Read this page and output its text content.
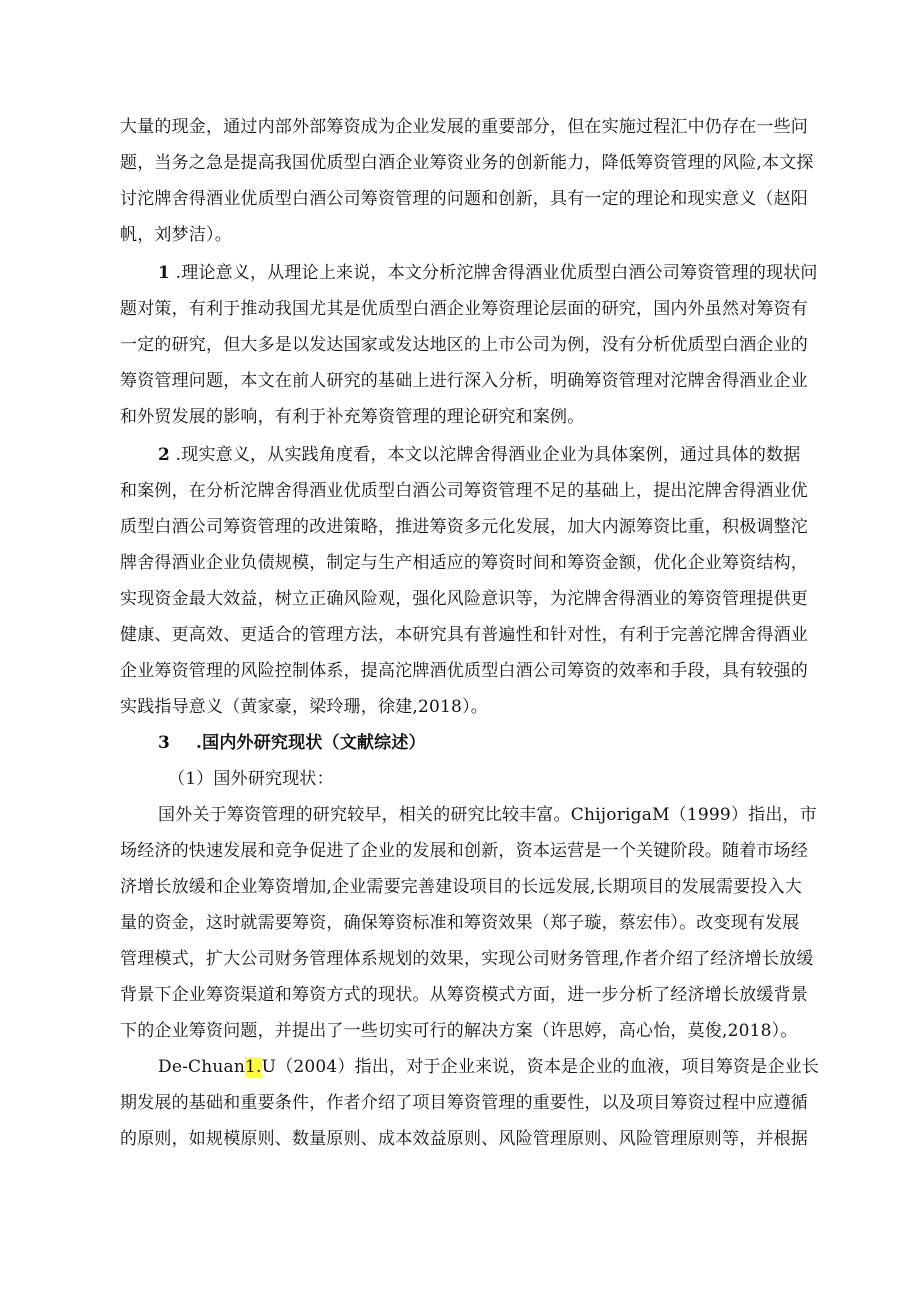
大量的现金，通过内部外部筹资成为企业发展的重要部分，但在实施过程汇中仍存在一些问
题，当务之急是提高我国优质型白酒企业筹资业务的创新能力，降低筹资管理的风险,本文探
讨沱牌舍得酒业优质型白酒公司筹资管理的问题和创新，具有一定的理论和现实意义（赵阳
帆，刘梦洁）。
1 .理论意义，从理论上来说，本文分析沱牌舍得酒业优质型白酒公司筹资管理的现状问
题对策，有利于推动我国尤其是优质型白酒企业筹资理论层面的研究，国内外虽然对筹资有
一定的研究，但大多是以发达国家或发达地区的上市公司为例，没有分析优质型白酒企业的
筹资管理问题，本文在前人研究的基础上进行深入分析，明确筹资管理对沱牌舍得酒业企业
和外贸发展的影响，有利于补充筹资管理的理论研究和案例。
2 .现实意义，从实践角度看，本文以沱牌舍得酒业企业为具体案例，通过具体的数据
和案例，在分析沱牌舍得酒业优质型白酒公司筹资管理不足的基础上，提出沱牌舍得酒业优
质型白酒公司筹资管理的改进策略，推进筹资多元化发展，加大内源筹资比重，积极调整沱
牌舍得酒业企业负债规模，制定与生产相适应的筹资时间和筹资金额，优化企业筹资结构，
实现资金最大效益，树立正确风险观，强化风险意识等，为沱牌舍得酒业的筹资管理提供更
健康、更高效、更适合的管理方法，本研究具有普遍性和针对性，有利于完善沱牌舍得酒业
企业筹资管理的风险控制体系，提高沱牌酒优质型白酒公司筹资的效率和手段，具有较强的
实践指导意义（黄家豪，梁玲珊，徐建,2018）。
3 .国内外研究现状（文献综述）
（1）国外研究现状：
国外关于筹资管理的研究较早，相关的研究比较丰富。ChijorigaM（1999）指出，市
场经济的快速发展和竞争促进了企业的发展和创新，资本运营是一个关键阶段。随着市场经
济增长放缓和企业筹资增加,企业需要完善建设项目的长远发展,长期项目的发展需要投入大
量的资金，这时就需要筹资，确保筹资标准和筹资效果（郑子璇，蔡宏伟）。改变现有发展
管理模式，扩大公司财务管理体系规划的效果，实现公司财务管理,作者介绍了经济增长放缓
背景下企业筹资渠道和筹资方式的现状。从筹资模式方面，进一步分析了经济增长放缓背景
下的企业筹资问题，并提出了一些切实可行的解决方案（许思婷，高心怡，莫俊,2018）。
De-Chuan1.U（2004）指出，对于企业来说，资本是企业的血液，项目筹资是企业长
期发展的基础和重要条件，作者介绍了项目筹资管理的重要性，以及项目筹资过程中应遵循
的原则，如规模原则、数量原则、成本效益原则、风险管理原则、风险管理原则等，并根据
